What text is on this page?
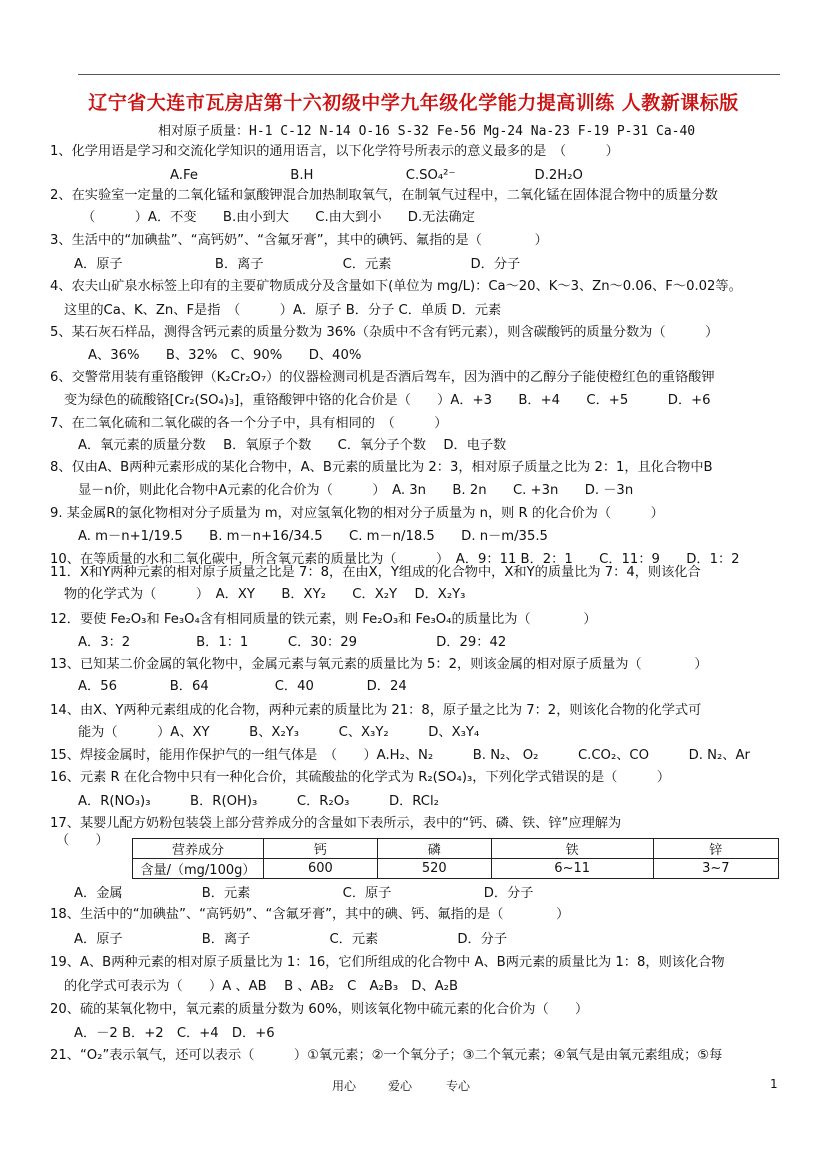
辽宁省大连市瓦房店第十六初级中学九年级化学能力提高训练 人教新课标版
相对原子质量：H-1 C-12 N-14 O-16 S-32 Fe-56 Mg-24 Na-23 F-19 P-31 Ca-40
1、化学用语是学习和交流化学知识的通用语言，以下化学符号所表示的意义最多的是　（　　　）
A.Fe　　　　　　　B.H　　　　　　　C.SO₄²⁻　　　　　　D.2H₂O
2、在实验室一定量的二氧化锰和氯酸钾混合加热制取氧气，在制氧气过程中，二氧化锰在固体混合物中的质量分数
（　　　）A．不变　　B.由小到大　　C.由大到小　　D.无法确定
3、生活中的“加碘盐”、“高钙奶”、“含氟牙膏”，其中的碘钙、氟指的是（　　　　）
A．原子　　　　　　　B．离子　　　　　　C．元素　　　　　　D．分子
4、农夫山矿泉水标签上印有的主要矿物质成分及含量如下(单位为 mg/L)：Ca～20、K～3、Zn～0.06、F～0.02等。
这里的Ca、K、Zn、F是指　（　　　）A．原子 B．分子 C．单质 D．元素
5、某石灰石样品，测得含钙元素的质量分数为 36%（杂质中不含有钙元素），则含碳酸钙的质量分数为（　　　）
A、36%　　B、32%　C、90%　　D、40%
6、交警常用装有重铬酸钾（K₂Cr₂O₇）的仪器检测司机是否酒后驾车，因为酒中的乙醇分子能使橙红色的重铬酸钾
变为绿色的硫酸铬[Cr₂(SO₄)₃]，重铬酸钾中铬的化合价是（　　）A．+3　　B．+4　　C．+5　　　D．+6
7、在二氧化硫和二氧化碳的各一个分子中，具有相同的　（　　　）
A．氧元素的质量分数　 B．氧原子个数　　C．氧分子个数　 D．电子数
8、仅由A、B两种元素形成的某化合物中，A、B元素的质量比为 2：3，相对原子质量之比为 2：1，且化合物中B
显－n价，则此化合物中A元素的化合价为（　　　）　A. 3n　　B. 2n　　C. +3n　　D. －3n
9. 某金属R的氯化物相对分子质量为 m，对应氢氧化物的相对分子质量为 n，则 R 的化合价为（　　　）
A. m－n+1/19.5　　B. m－n+16/34.5　　C. m－n/18.5　　D. n－m/35.5
10、在等质量的水和二氧化碳中，所含氧元素的质量比为（　　　）　A．9：11 B．2：1　　C．11：9　　D．1：2
11．X和Y两种元素的相对原子质量之比是 7：8，在由X，Y组成的化合物中，X和Y的质量比为 7：4，则该化合
物的化学式为（　　　）　A．XY　　B．XY₂　　C．X₂Y　 D．X₂Y₃
12．要使 Fe₂O₃和 Fe₃O₄含有相同质量的铁元素，则 Fe₂O₃和 Fe₃O₄的质量比为（　　　　）
A．3：2　　　　　B．1：1　　　C．30：29　　　　　　D．29：42
13、已知某二价金属的氧化物中，金属元素与氧元素的质量比为 5：2，则该金属的相对原子质量为（　　　　）
A．56　　　　B．64　　　　　C．40　　　　D．24
14、由X、Y两种元素组成的化合物，两种元素的质量比为 21：8，原子量之比为 7：2，则该化合物的化学式可
能为（　　　）A、XY　　　B、X₂Y₃　　　C、X₃Y₂　　　D、X₃Y₄
15、焊接金属时，能用作保护气的一组气体是　（　　）A.H₂、N₂　　　B. N₂、 O₂　　　C.CO₂、CO　　　D. N₂、Ar
16、元素 R 在化合物中只有一种化合价，其硫酸盐的化学式为 R₂(SO₄)₃，下列化学式错误的是（　　　）
A．R(NO₃)₃　　　B．R(OH)₃　　　C．R₂O₃　　　D．RCl₂
17、某婴儿配方奶粉包装袋上部分营养成分的含量如下表所示，表中的“钙、磷、铁、锌”应理解为
（　　）
营养成分	钙	磷	铁	锌
含量/（mg/100g）	600	520	6~11	3~7
A．金属　　　　　　B．元素　　　　　　　C．原子　　　　　　　D．分子
18、生活中的“加碘盐”、“高钙奶”、“含氟牙膏”，其中的碘、钙、氟指的是（　　　　）
A．原子　　　　　　B．离子　　　　　　C．元素　　　　　　D．分子
19、A、B两种元素的相对原子质量比为 1：16，它们所组成的化合物中 A、B两元素的质量比为 1：8，则该化合物
的化学式可表示为（　　）A 、AB　 B 、AB₂　C　A₂B₃　D、A₂B
20、硫的某氧化物中，氧元素的质量分数为 60%，则该氧化物中硫元素的化合价为（　　）
A．－2 B．+2　C．+4　D．+6
21、“O₂”表示氧气，还可以表示（　　　）①氧元素；②一个氧分子；③二个氧元素；④氧气是由氧元素组成；⑤每
用心	爱心	专心	1
